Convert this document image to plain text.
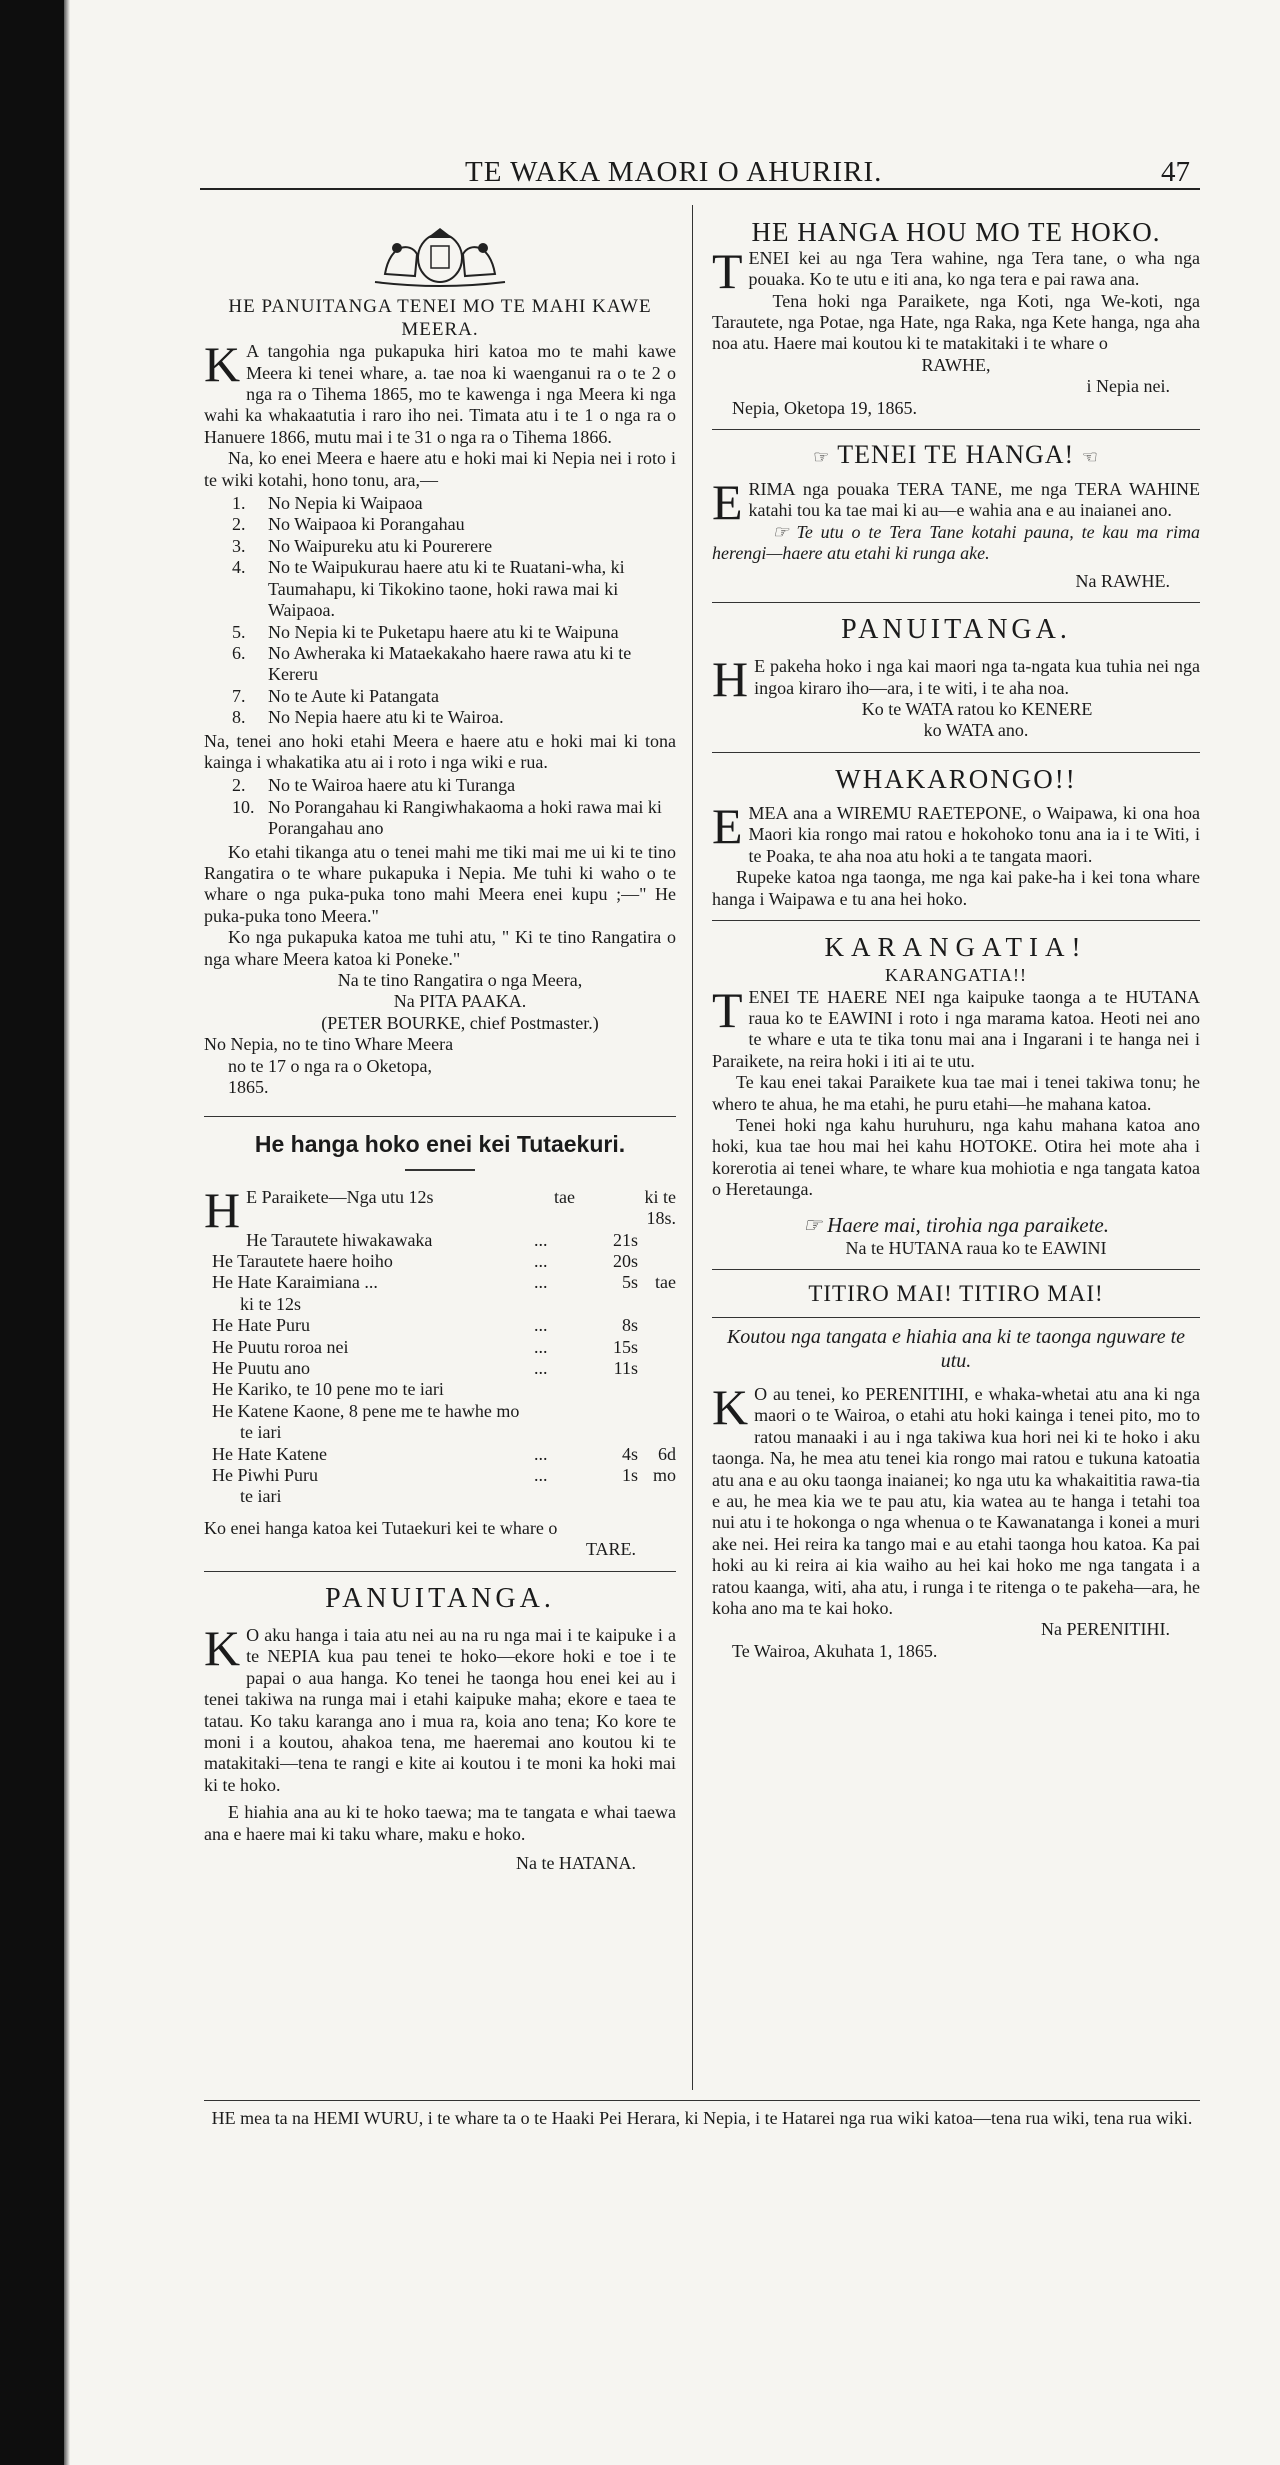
TE WAKA MAORI O AHURIRI.	47
HE PANUITANGA TENEI MO TE MAHI KAWE MEERA.

K A tangohia nga pukapuka hiri katoa mo te mahi kawe Meera ki tenei whare, a. tae noa ki waenganui ra o te 2 o nga ra o Tihema 1865, mo te kawenga i nga Meera ki nga wahi ka whakaatutia i raro iho nei. Timata atu i te 1 o nga ra o Hanuere 1866, mutu mai i te 31 o nga ra o Tihema 1866.

Na, ko enei Meera e haere atu e hoki mai ki Nepia nei i roto i te wiki kotahi, hono tonu, ara,—

1. No Nepia ki Waipaoa
2. No Waipaoa ki Porangahau
3. No Waipureku atu ki Pourerere
4. No te Waipukurau haere atu ki te Ruatani-wha, ki Taumahapu, ki Tikokino taone, hoki rawa mai ki Waipaoa.
5. No Nepia ki te Puketapu haere atu ki te Waipuna
6. No Awheraka ki Mataekakaho haere rawa atu ki te Kereru
7. No te Aute ki Patangata
8. No Nepia haere atu ki te Wairoa.

Na, tenei ano hoki etahi Meera e haere atu e hoki mai ki tona kainga i whakatika atu ai i roto i nga wiki e rua.

2. No te Wairoa haere atu ki Turanga
10. No Porangahau ki Rangiwhakaoma a hoki rawa mai ki Porangahau ano

Ko etahi tikanga atu o tenei mahi me tiki mai me ui ki te tino Rangatira o te whare pukapuka i Nepia. Me tuhi ki waho o te whare o nga puka-puka tono mahi Meera enei kupu ;—" He puka-puka tono Meera."

Ko nga pukapuka katoa me tuhi atu, " Ki te tino Rangatira o nga whare Meera katoa ki Poneke."

Na te tino Rangatira o nga Meera,

Na PITA PAAKA.

(PETER BOURKE, chief Postmaster.)

No Nepia, no te tino Whare Meera

no te 17 o nga ra o Oketopa,

1865.

He hanga hoko enei kei Tutaekuri.
H E Paraikete—Nga utu 12s	tae	ki te 18s.
He Tarautete hiwakawaka	...	21s
He Tarautete haere hoiho	...	20s
He Hate Karaimiana ...	...	5s tae
ki te 12s
He Hate Puru	...	8s
He Puutu roroa nei	...	15s
He Puutu ano	...	11s
He Kariko, te 10 pene mo te iari
He Katene Kaone, 8 pene me te hawhe mo
te iari
He Hate Katene	...	4s	6d
He Piwhi Puru	...	1s mo
te iari

Ko enei hanga katoa kei Tutaekuri kei te whare o

TARE.

PANUITANGA.

K O aku hanga i taia atu nei au na ru nga mai i te kaipuke i a te NEPIA kua pau tenei te hoko—ekore hoki e toe i te papai o aua hanga. Ko tenei he taonga hou enei kei au i tenei takiwa na runga mai i etahi kaipuke maha; ekore e taea te tatau. Ko taku karanga ano i mua ra, koia ano tena; Ko kore te moni i a koutou, ahakoa tena, me haeremai ano koutou ki te matakitaki—tena te rangi e kite ai koutou i te moni ka hoki mai ki te hoko.

E hiahia ana au ki te hoko taewa; ma te tangata e whai taewa ana e haere mai ki taku whare, maku e hoko.

Na te HATANA.

HE HANGA HOU MO TE HOKO.

TENEI kei au nga Tera wahine, nga Tera tane, o wha nga pouaka. Ko te utu e iti ana, ko nga tera e pai rawa ana.

Tena hoki nga Paraikete, nga Koti, nga We-koti, nga Tarautete, nga Potae, nga Hate, nga Raka, nga Kete hanga, nga aha noa atu. Haere mai koutou ki te matakitaki i te whare o

RAWHE,

i Nepia nei.

Nepia, Oketopa 19, 1865.

☞ TENEI TE HANGA! ☜

ERIMA nga pouaka TERA TANE, me nga TERA WAHINE katahi tou ka tae mai ki au—e wahia ana e au inaianei ano.

☞ Te utu o te Tera Tane kotahi pauna, te kau ma rima herengi—haere atu etahi ki runga ake.

Na RAWHE.

PANUITANGA.

H E pakeha hoko i nga kai maori nga ta-ngata kua tuhia nei nga ingoa kiraro iho—ara, i te witi, i te aha noa.

Ko te WATA ratou ko KENERE

ko WATA ano.

WHAKARONGO!!

EMEA ana a WIREMU RAETEPONE, o Waipawa, ki ona hoa Maori kia rongo mai ratou e hokohoko tonu ana ia i te Witi, i te Poaka, te aha noa atu hoki a te tangata maori.

Rupeke katoa nga taonga, me nga kai pake-ha i kei tona whare hanga i Waipawa e tu ana hei hoko.

KARANGATIA!

KARANGATIA!!

TENEI TE HAERE NEI nga kaipuke taonga a te HUTANA raua ko te EAWINI i roto i nga marama katoa. Heoti nei ano te whare e uta te tika tonu mai ana i Ingarani i te hanga nei i Paraikete, na reira hoki i iti ai te utu.

Te kau enei takai Paraikete kua tae mai i tenei takiwa tonu; he whero te ahua, he ma etahi, he puru etahi—he mahana katoa.

Tenei hoki nga kahu huruhuru, nga kahu mahana katoa ano hoki, kua tae hou mai hei kahu HOTOKE. Otira hei mote aha i korerotia ai tenei whare, te whare kua mohiotia e nga tangata katoa o Heretaunga.

☞ Haere mai, tirohia nga paraikete.

Na te HUTANA raua ko te EAWINI

TITIRO MAI! TITIRO MAI!

Koutou nga tangata e hiahia ana ki te taonga nguware te utu.

K O au tenei, ko PERENITIHI, e whaka-whetai atu ana ki nga maori o te Wairoa, o etahi atu hoki kainga i tenei pito, mo to ratou manaaki i au i nga takiwa kua hori nei ki te hoko i aku taonga. Na, he mea atu tenei kia rongo mai ratou e tukuna katoatia atu ana e au oku taonga inaianei; ko nga utu ka whakaititia rawa-tia e au, he mea kia we te pau atu, kia watea au te hanga i tetahi toa nui atu i te hokonga o nga whenua o te Kawanatanga i konei a muri ake nei. Hei reira ka tango mai e au etahi taonga hou katoa. Ka pai hoki au ki reira ai kia waiho au hei kai hoko me nga tangata i a ratou kaanga, witi, aha atu, i runga i te ritenga o te pakeha—ara, he koha ano ma te kai hoko.

Na PERENITIHI.

Te Wairoa, Akuhata 1, 1865.

HE mea ta na HEMI WURU, i te whare ta o te Haaki Pei Herara, ki Nepia, i te Hatarei nga rua wiki katoa—tena rua wiki, tena rua wiki.
